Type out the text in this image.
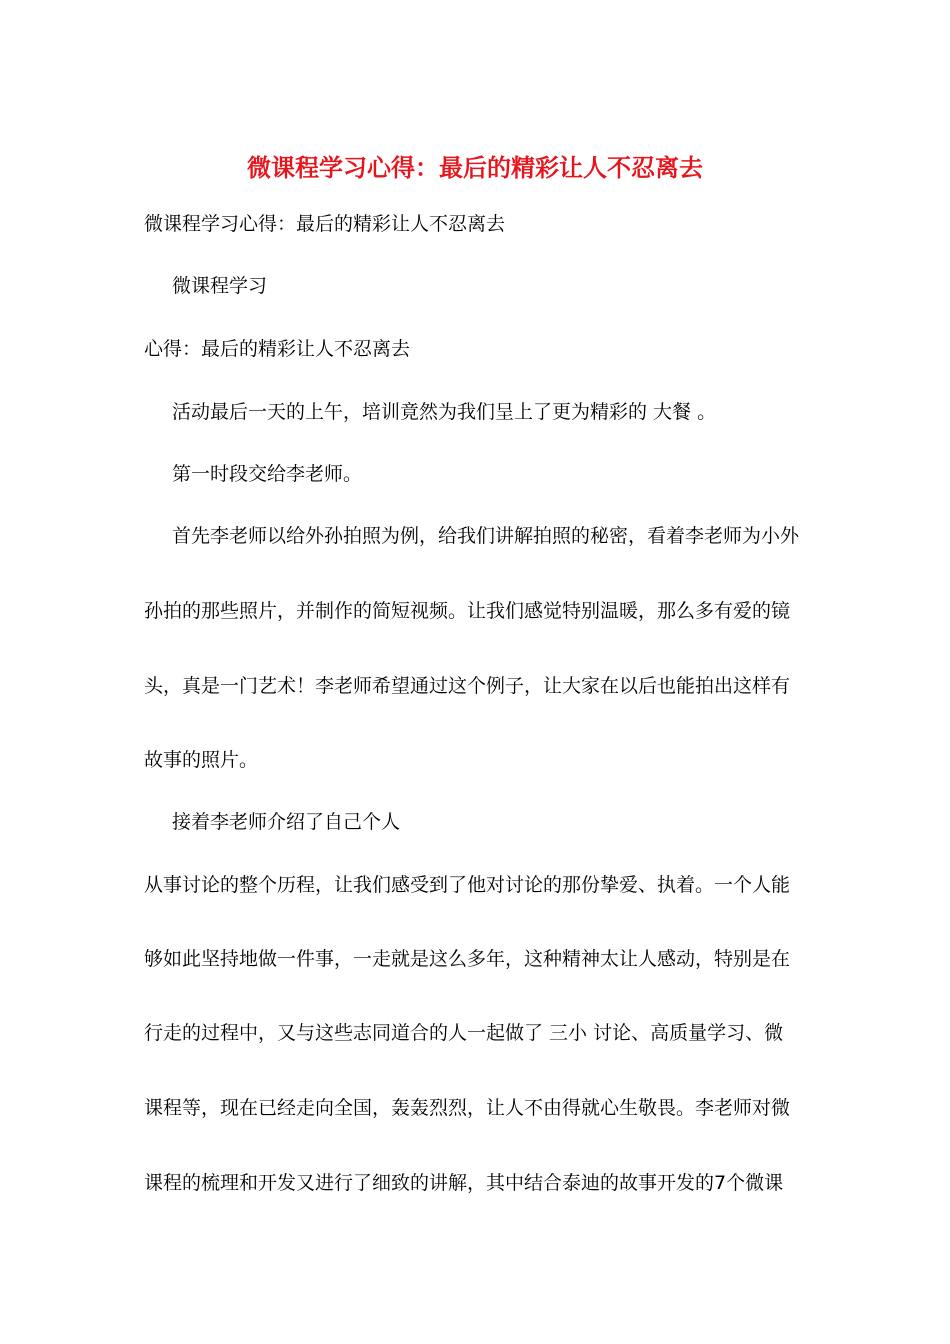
微课程学习心得：最后的精彩让人不忍离去

微课程学习心得：最后的精彩让人不忍离去

微课程学习

心得：最后的精彩让人不忍离去

活动最后一天的上午，培训竟然为我们呈上了更为精彩的 大餐 。

第一时段交给李老师。

首先李老师以给外孙拍照为例，给我们讲解拍照的秘密，看着李老师为小外

孙拍的那些照片，并制作的简短视频。让我们感觉特别温暖，那么多有爱的镜

头，真是一门艺术！李老师希望通过这个例子，让大家在以后也能拍出这样有

故事的照片。

接着李老师介绍了自己个人

从事讨论的整个历程，让我们感受到了他对讨论的那份挚爱、执着。一个人能

够如此坚持地做一件事，一走就是这么多年，这种精神太让人感动，特别是在

行走的过程中，又与这些志同道合的人一起做了 三小 讨论、高质量学习、微

课程等，现在已经走向全国，轰轰烈烈，让人不由得就心生敬畏。李老师对微

课程的梳理和开发又进行了细致的讲解，其中结合泰迪的故事开发的7个微课
